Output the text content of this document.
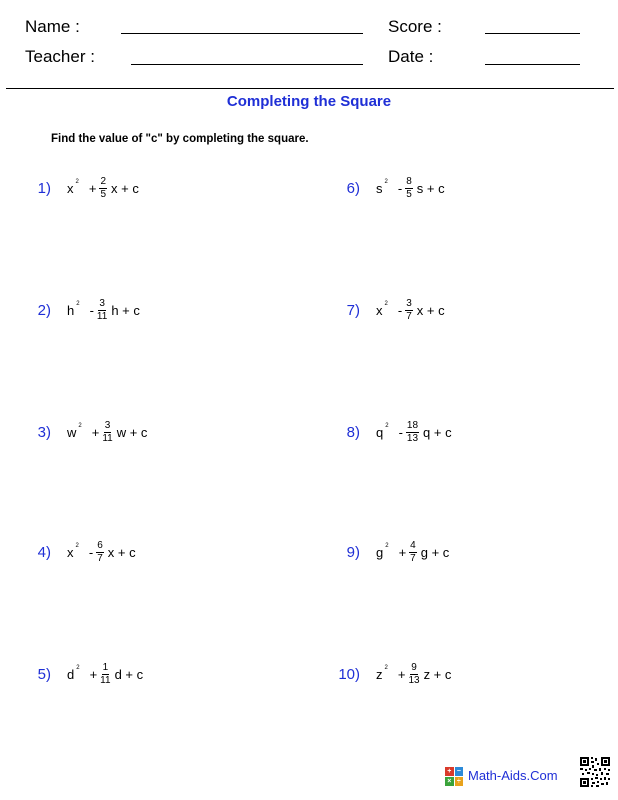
Name :	Score :
Teacher :	Date :
Completing the Square
Find the value of "c" by completing the square.
1) x $2 + \frac{2}{5}$ x + c
2) h $2 - \frac{3}{11}$ h + c
3) w $2 + \frac{3}{11}$ w + c
4) x $2 - \frac{6}{7}$ x + c
5) d $2 + \frac{1}{11}$ d + c
6) s $2 - \frac{8}{5}$ s + c
7) x $2 - \frac{3}{7}$ x + c
8) q $2 - \frac{18}{13}$ q + c
9) g $2 + \frac{4}{7}$ g + c
10) z $2 + \frac{9}{13}$ z + c
+ −
× ÷ Math-Aids.Com
